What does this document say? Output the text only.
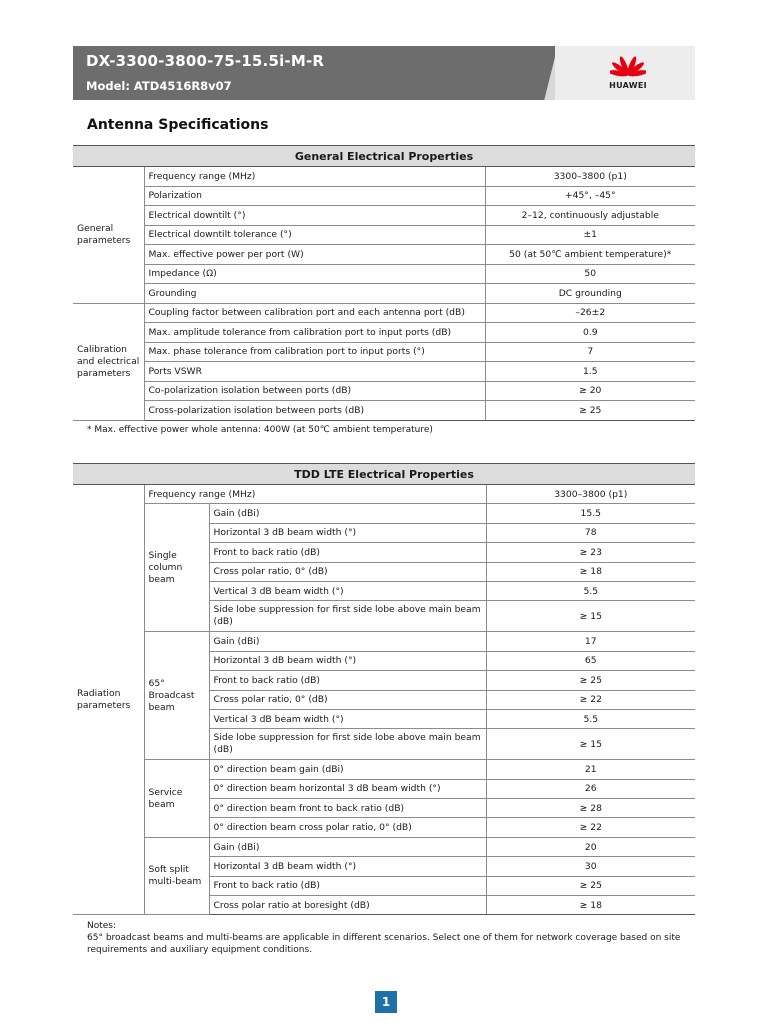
DX-3300-3800-75-15.5i-M-R
Model: ATD4516R8v07	HUAWEI
Antenna Specifications
General Electrical Properties		
General parameters	Frequency range (MHz)	3300–3800 (p1)
	Polarization	+45°, –45°
	Electrical downtilt (°)	2–12, continuously adjustable
	Electrical downtilt tolerance (°)	±1
	Max. effective power per port (W)	50 (at 50℃ ambient temperature)*
	Impedance (Ω)	50
	Grounding	DC grounding
Calibration and electrical parameters	Coupling factor between calibration port and each antenna port (dB)	–26±2
	Max. amplitude tolerance from calibration port to input ports (dB)	0.9
	Max. phase tolerance from calibration port to input ports (°)	7
	Ports VSWR	1.5
	Co-polarization isolation between ports (dB)	≥ 20
	Cross-polarization isolation between ports (dB)	≥ 25
* Max. effective power whole antenna: 400W (at 50℃ ambient temperature)
TDD LTE Electrical Properties			
Radiation parameters	Frequency range (MHz)		3300–3800 (p1)
	Single column beam	Gain (dBi)	15.5
		Horizontal 3 dB beam width (°)	78
		Front to back ratio (dB)	≥ 23
		Cross polar ratio, 0° (dB)	≥ 18
		Vertical 3 dB beam width (°)	5.5
		Side lobe suppression for first side lobe above main beam (dB)	≥ 15
	65° Broadcast beam	Gain (dBi)	17
		Horizontal 3 dB beam width (°)	65
		Front to back ratio (dB)	≥ 25
		Cross polar ratio, 0° (dB)	≥ 22
		Vertical 3 dB beam width (°)	5.5
		Side lobe suppression for first side lobe above main beam (dB)	≥ 15
	Service beam	0° direction beam gain (dBi)	21
		0° direction beam horizontal 3 dB beam width (°)	26
		0° direction beam front to back ratio (dB)	≥ 28
		0° direction beam cross polar ratio, 0° (dB)	≥ 22
	Soft split multi-beam	Gain (dBi)	20
		Horizontal 3 dB beam width (°)	30
		Front to back ratio (dB)	≥ 25
		Cross polar ratio at boresight (dB)	≥ 18
Notes:
65° broadcast beams and multi-beams are applicable in different scenarios. Select one of them for network coverage based on site requirements and auxiliary equipment conditions.
1
